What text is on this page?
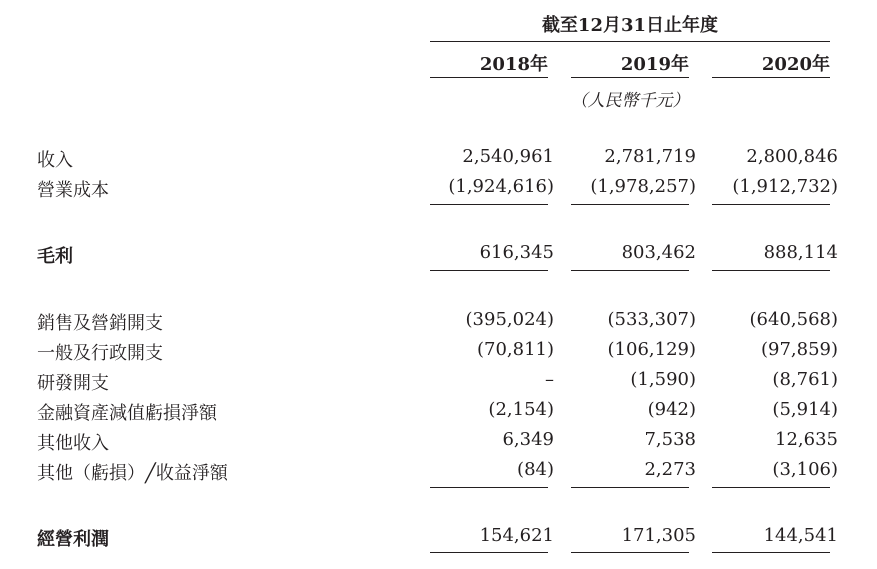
截至12月31日止年度
2018年	2019年	2020年
（人民幣千元）
收入	2,540,961	2,781,719	2,800,846
營業成本	(1,924,616)	(1,978,257)	(1,912,732)
毛利	616,345	803,462	888,114
銷售及營銷開支	(395,024)	(533,307)	(640,568)
一般及行政開支	(70,811)	(106,129)	(97,859)
研發開支	–	(1,590)	(8,761)
金融資產減值虧損淨額	(2,154)	(942)	(5,914)
其他收入	6,349	7,538	12,635
其他（虧損）╱收益淨額	(84)	2,273	(3,106)
經營利潤	154,621	171,305	144,541
